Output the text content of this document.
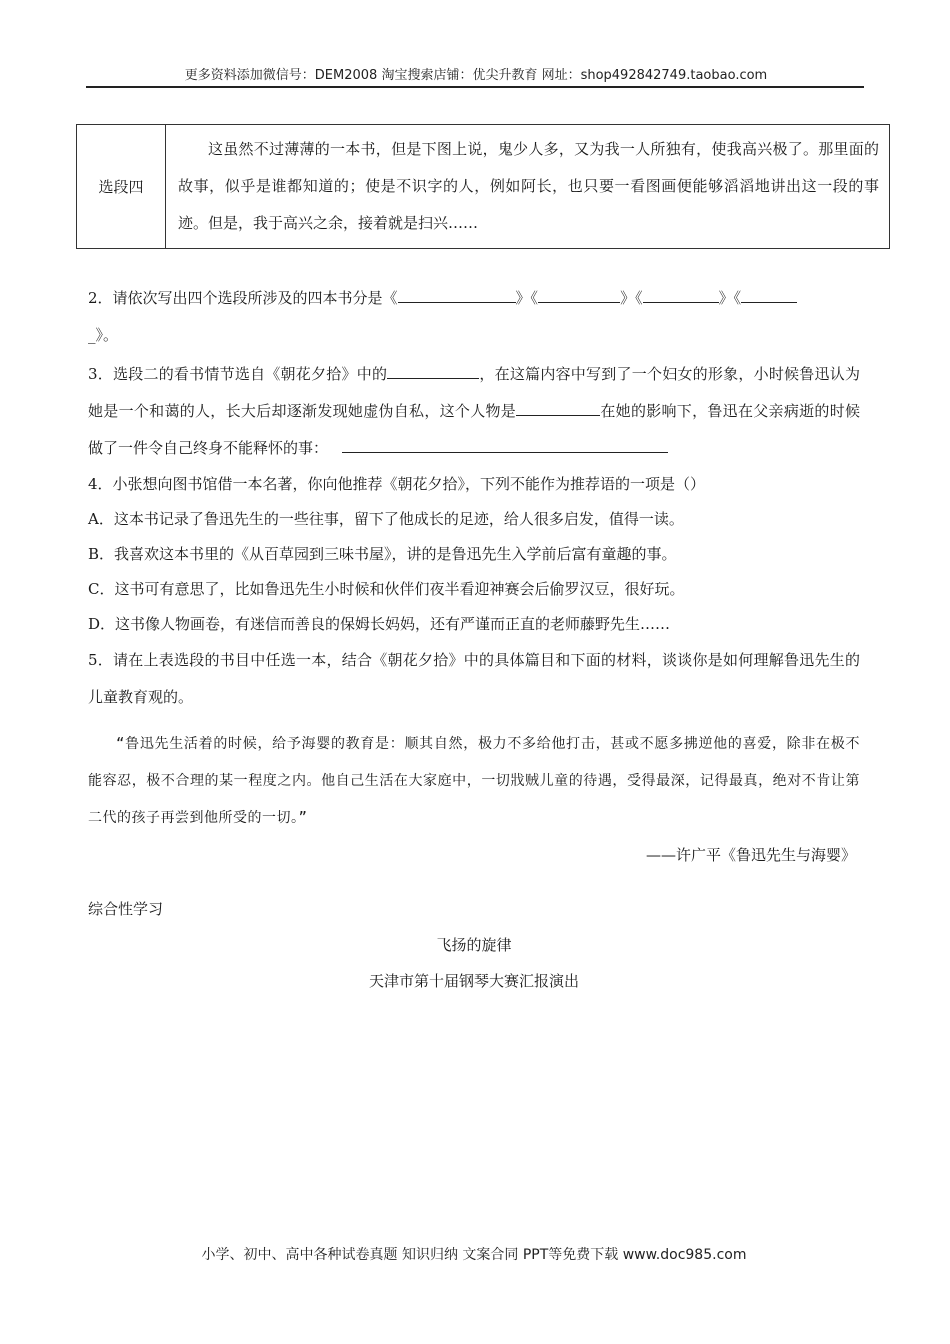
更多资料添加微信号：DEM2008 淘宝搜索店铺：优尖升教育 网址：shop492842749.taobao.com
选段四	
这虽然不过薄薄的一本书，但是下图上说，鬼少人多，又为我一人所独有，使我高兴极了。那里面的故事，似乎是谁都知道的；使是不识字的人，例如阿长，也只要一看图画便能够滔滔地讲出这一段的事迹。但是，我于高兴之余，接着就是扫兴……

2．请依次写出四个选段所涉及的四本书分是《	》《	》《	》《
_》。

3．选段二的看书情节选自《朝花夕拾》中的	，在这篇内容中写到了一个妇女的形象，小时候鲁迅认为她是一个和蔼的人，长大后却逐渐发现她虚伪自私，这个人物是	在她的影响下，鲁迅在父亲病逝的时候做了一件令自己终身不能释怀的事：

4．小张想向图书馆借一本名著，你向他推荐《朝花夕拾》，下列不能作为推荐语的一项是（）

A．这本书记录了鲁迅先生的一些往事，留下了他成长的足迹，给人很多启发，值得一读。

B．我喜欢这本书里的《从百草园到三味书屋》，讲的是鲁迅先生入学前后富有童趣的事。

C．这书可有意思了，比如鲁迅先生小时候和伙伴们夜半看迎神赛会后偷罗汉豆，很好玩。

D．这书像人物画卷，有迷信而善良的保姆长妈妈，还有严谨而正直的老师藤野先生……

5．请在上表选段的书目中任选一本，结合《朝花夕拾》中的具体篇目和下面的材料，谈谈你是如何理解鲁迅先生的儿童教育观的。

“鲁迅先生活着的时候，给予海婴的教育是：顺其自然，极力不多给他打击，甚或不愿多拂逆他的喜爱，除非在极不能容忍，极不合理的某一程度之内。他自己生活在大家庭中，一切戕贼儿童的待遇，受得最深，记得最真，绝对不肯让第二代的孩子再尝到他所受的一切。”

——许广平《鲁迅先生与海婴》

综合性学习
飞扬的旋律
天津市第十届钢琴大赛汇报演出
小学、初中、高中各种试卷真题 知识归纳 文案合同 PPT等免费下载 www.doc985.com
